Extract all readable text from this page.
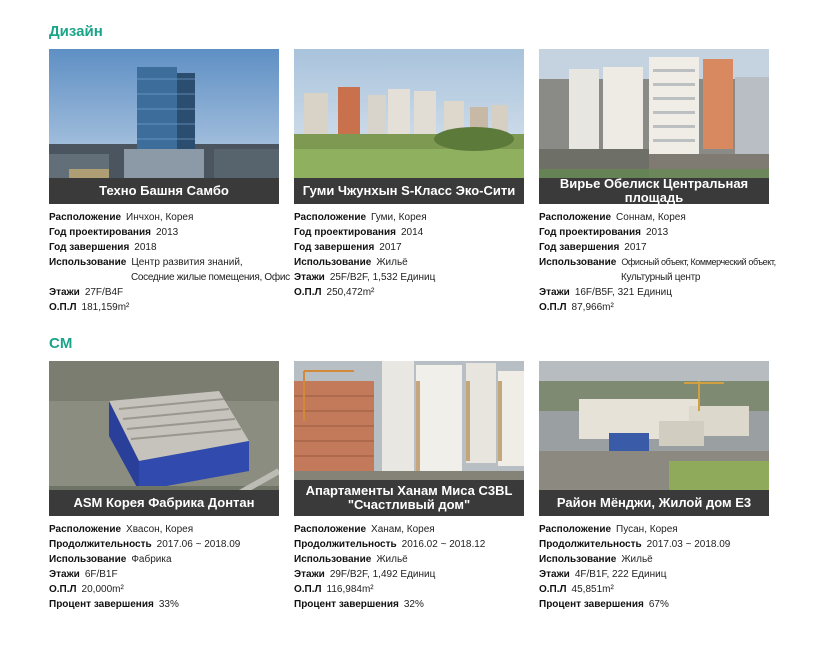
Дизайн
Техно Башня Самбо
Расположение Инчхон, Корея
Год проектирования 2013
Год завершения 2018
Использование Центр развития знаний,
Соседние жилые помещения, Офис
Этажи 27F/B4F
О.П.Л 181,159m²
Гуми Чжунхын S-Класс Эко-Сити
Расположение Гуми, Корея
Год проектирования 2014
Год завершения 2017
Использование Жильё
Этажи 25F/B2F, 1,532 Единиц
О.П.Л 250,472m²
Вирье Обелиск Центральная площадь
Расположение Соннам, Корея
Год проектирования 2013
Год завершения 2017
Использование Офисный объект, Коммерческий объект,
Культурный центр
Этажи 16F/B5F, 321 Единиц
О.П.Л 87,966m²
CM
ASM Корея Фабрика Донтан
Расположение Хвасон, Корея
Продолжительность 2017.06 ~ 2018.09
Использование Фабрика
Этажи 6F/B1F
О.П.Л 20,000m²
Процент завершения 33%
Апартаменты Ханам Миса C3BL
"Счастливый дом"
Расположение Ханам, Корея
Продолжительность 2016.02 ~ 2018.12
Использование Жильё
Этажи 29F/B2F, 1,492 Единиц
О.П.Л 116,984m²
Процент завершения 32%
Район Мёнджи, Жилой дом E3
Расположение Пусан, Корея
Продолжительность 2017.03 ~ 2018.09
Использование Жильё
Этажи 4F/B1F, 222 Единиц
О.П.Л 45,851m²
Процент завершения 67%
